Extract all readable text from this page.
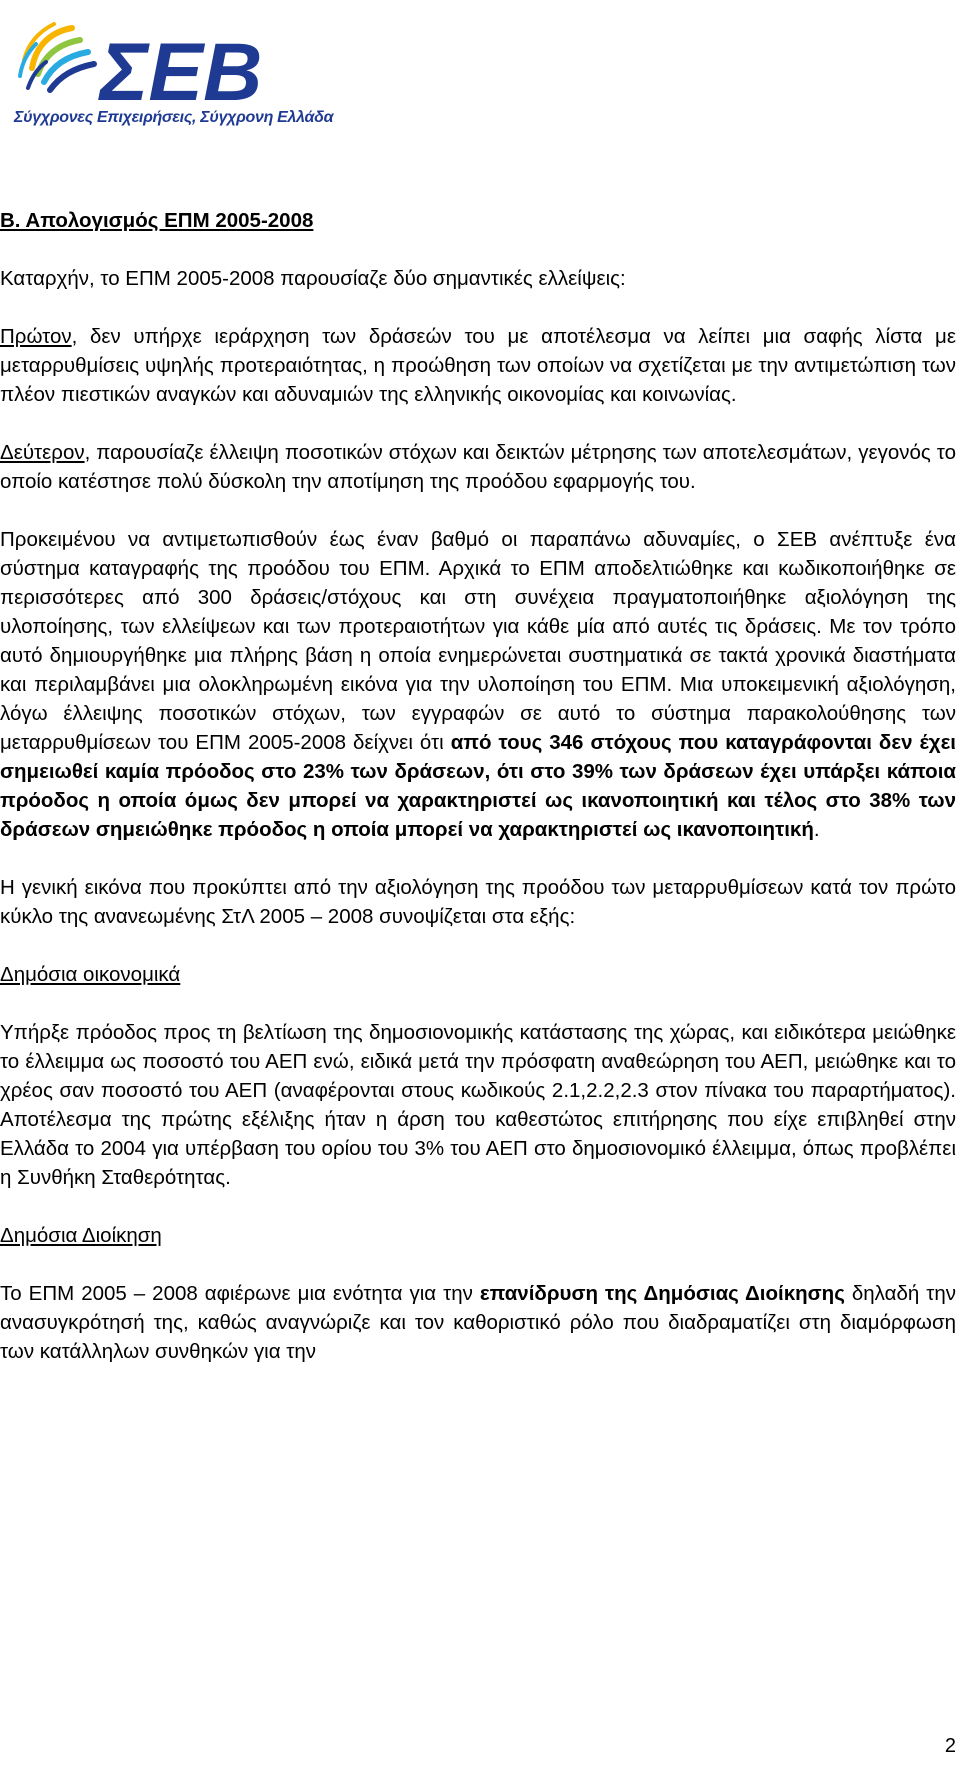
ΣΕΒ
Σύγχρονες Επιχειρήσεις, Σύγχρονη Ελλάδα
Β. Απολογισμός ΕΠΜ 2005-2008

Καταρχήν, το ΕΠΜ 2005-2008 παρουσίαζε δύο σημαντικές ελλείψεις:

Πρώτον, δεν υπήρχε ιεράρχηση των δράσεών του με αποτέλεσμα να λείπει μια σαφής λίστα με μεταρρυθμίσεις υψηλής προτεραιότητας, η προώθηση των οποίων να σχετίζεται με την αντιμετώπιση των πλέον πιεστικών αναγκών και αδυναμιών της ελληνικής οικονομίας και κοινωνίας.

Δεύτερον, παρουσίαζε έλλειψη ποσοτικών στόχων και δεικτών μέτρησης των αποτελεσμάτων, γεγονός το οποίο κατέστησε πολύ δύσκολη την αποτίμηση της προόδου εφαρμογής του.

Προκειμένου να αντιμετωπισθούν έως έναν βαθμό οι παραπάνω αδυναμίες, ο ΣΕΒ ανέπτυξε ένα σύστημα καταγραφής της προόδου του ΕΠΜ. Αρχικά το ΕΠΜ αποδελτιώθηκε και κωδικοποιήθηκε σε περισσότερες από 300 δράσεις/στόχους και στη συνέχεια πραγματοποιήθηκε αξιολόγηση της υλοποίησης, των ελλείψεων και των προτεραιοτήτων για κάθε μία από αυτές τις δράσεις. Με τον τρόπο αυτό δημιουργήθηκε μια πλήρης βάση η οποία ενημερώνεται συστηματικά σε τακτά χρονικά διαστήματα και περιλαμβάνει μια ολοκληρωμένη εικόνα για την υλοποίηση του ΕΠΜ. Μια υποκειμενική αξιολόγηση, λόγω έλλειψης ποσοτικών στόχων, των εγγραφών σε αυτό το σύστημα παρακολούθησης των μεταρρυθμίσεων του ΕΠΜ 2005-2008 δείχνει ότι από τους 346 στόχους που καταγράφονται δεν έχει σημειωθεί καμία πρόοδος στο 23% των δράσεων, ότι στο 39% των δράσεων έχει υπάρξει κάποια πρόοδος η οποία όμως δεν μπορεί να χαρακτηριστεί ως ικανοποιητική και τέλος στο 38% των δράσεων σημειώθηκε πρόοδος η οποία μπορεί να χαρακτηριστεί ως ικανοποιητική.

Η γενική εικόνα που προκύπτει από την αξιολόγηση της προόδου των μεταρρυθμίσεων κατά τον πρώτο κύκλο της ανανεωμένης ΣτΛ 2005 – 2008 συνοψίζεται στα εξής:

Δημόσια οικονομικά

Υπήρξε πρόοδος προς τη βελτίωση της δημοσιονομικής κατάστασης της χώρας, και ειδικότερα μειώθηκε το έλλειμμα ως ποσοστό του ΑΕΠ ενώ, ειδικά μετά την πρόσφατη αναθεώρηση του ΑΕΠ, μειώθηκε και το χρέος σαν ποσοστό του ΑΕΠ (αναφέρονται στους κωδικούς 2.1,2.2,2.3 στον πίνακα του παραρτήματος). Αποτέλεσμα της πρώτης εξέλιξης ήταν η άρση του καθεστώτος επιτήρησης που είχε επιβληθεί στην Ελλάδα το 2004 για υπέρβαση του ορίου του 3% του ΑΕΠ στο δημοσιονομικό έλλειμμα, όπως προβλέπει η Συνθήκη Σταθερότητας.

Δημόσια Διοίκηση

Το ΕΠΜ 2005 – 2008 αφιέρωνε μια ενότητα για την επανίδρυση της Δημόσιας Διοίκησης δηλαδή την ανασυγκρότησή της, καθώς αναγνώριζε και τον καθοριστικό ρόλο που διαδραματίζει στη διαμόρφωση των κατάλληλων συνθηκών για την

2
